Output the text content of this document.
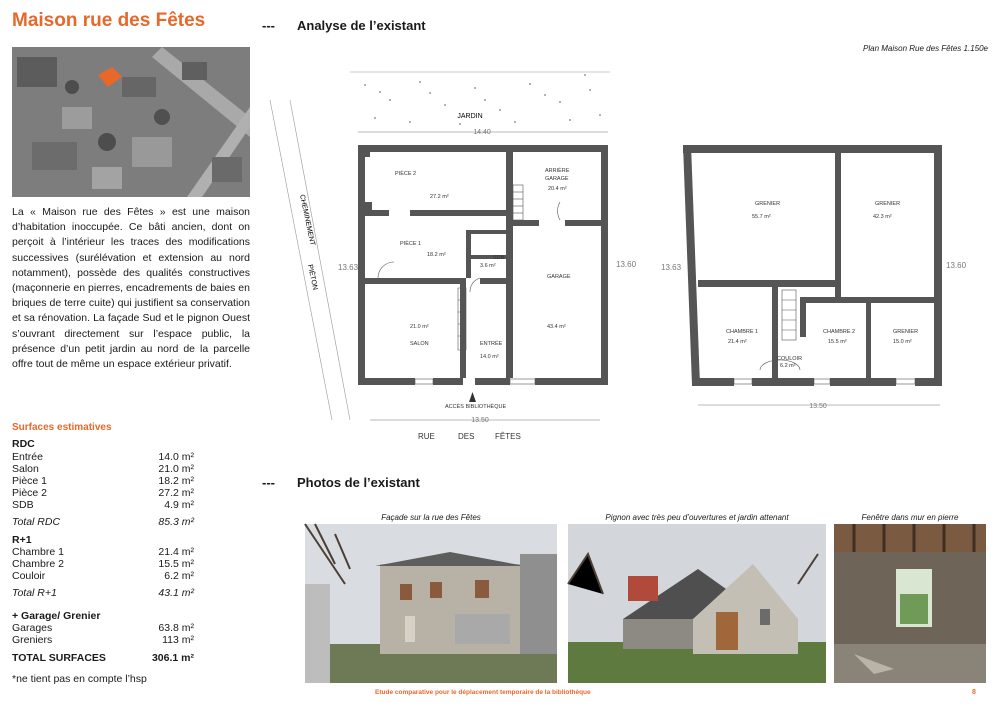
Maison rue des Fêtes
La « Maison rue des Fêtes » est une maison d’habitation inoccupée. Ce bâti ancien, dont on perçoit à l’intérieur les traces des modifications successives (surélévation et extension au nord notamment), possède des qualités constructives (maçonnerie en pierres, encadrements de baies en briques de terre cuite) qui justifient sa conservation et sa rénovation. La façade Sud et le pignon Ouest s’ouvrant directement sur l’espace public, la présence d’un petit jardin au nord de la parcelle offre tout de même un espace extérieur privatif.
Surfaces estimatives
RDC
Entrée	14.0 m²
Salon	21.0 m²
Pièce 1	18.2 m²
Pièce 2	27.2 m²
SDB	4.9 m²
Total RDC	85.3 m²
R+1
Chambre 1	21.4 m²
Chambre 2	15.5 m²
Couloir	6.2 m²
Total R+1	43.1 m²
+ Garage/ Grenier
Garages	63.8 m²
Greniers	113 m²
TOTAL SURFACES	306.1 m²
*ne tient pas en compte l’hsp
--- Analyse de l’existant
Plan Maison Rue des Fêtes 1.150e
JARDIN
14.40
CHEMINEMENT
PIÉTON 13.63	13.60
PIÈCE 2
27.2 m²
ARRIÈRE
GARAGE
20.4 m²
PIÈCE 1
18.2 m²	SDB
3.6 m²
GARAGE
43.4 m²
21.0 m²
SALON	ENTRÉE
14.0 m²
ACCÈS BIBLIOTHÈQUE
13.50
RUE	DES	FÊTES
GRENIER
55.7 m²
GRENIER
42.3 m²
CHAMBRE 1
21.4 m²
COULOIR
6.2 m²
CHAMBRE 2
15.5 m²
GRENIER
15.0 m²
13.63	13.60
13.50
--- Photos de l’existant
Façade sur la rue des Fêtes	Pignon avec très peu d’ouvertures et jardin attenant	Fenêtre dans mur en pierre
Etude comparative pour le déplacement temporaire de la bibliothèque	8
